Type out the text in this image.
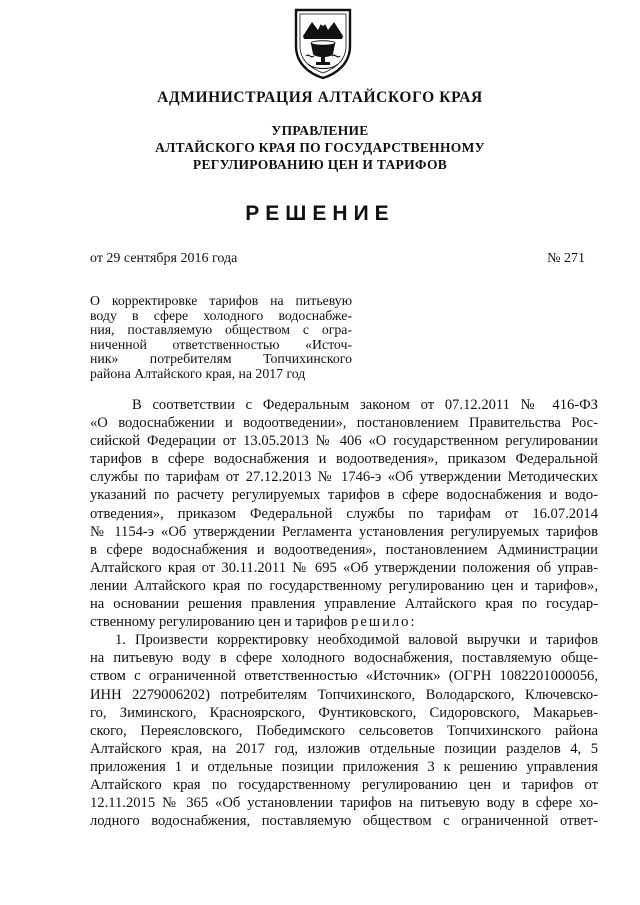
АДМИНИСТРАЦИЯ АЛТАЙСКОГО КРАЯ
УПРАВЛЕНИЕ
АЛТАЙСКОГО КРАЯ ПО ГОСУДАРСТВЕННОМУ
РЕГУЛИРОВАНИЮ ЦЕН И ТАРИФОВ
РЕШЕНИЕ
от 29 сентября 2016 года	№ 271
О корректировке тарифов на питьевую
воду в сфере холодного водоснабже-
ния, поставляемую обществом с огра-
ниченной ответственностью «Источ-
ник» потребителям Топчихинского
района Алтайского края, на 2017 год
В соответствии с Федеральным законом от 07.12.2011 № 416-ФЗ
«О водоснабжении и водоотведении», постановлением Правительства Рос-
сийской Федерации от 13.05.2013 № 406 «О государственном регулировании
тарифов в сфере водоснабжения и водоотведения», приказом Федеральной
службы по тарифам от 27.12.2013 № 1746-э «Об утверждении Методических
указаний по расчету регулируемых тарифов в сфере водоснабжения и водо-
отведения», приказом Федеральной службы по тарифам от 16.07.2014
№ 1154-э «Об утверждении Регламента установления регулируемых тарифов
в сфере водоснабжения и водоотведения», постановлением Администрации
Алтайского края от 30.11.2011 № 695 «Об утверждении положения об управ-
лении Алтайского края по государственному регулированию цен и тарифов»,
на основании решения правления управление Алтайского края по государ-
ственному регулированию цен и тарифов решило:
1. Произвести корректировку необходимой валовой выручки и тарифов
на питьевую воду в сфере холодного водоснабжения, поставляемую обще-
ством с ограниченной ответственностью «Источник» (ОГРН 1082201000056,
ИНН 2279006202) потребителям Топчихинского, Володарского, Ключевско-
го, Зиминского, Красноярского, Фунтиковского, Сидоровского, Макарьев-
ского, Переясловского, Победимского сельсоветов Топчихинского района
Алтайского края, на 2017 год, изложив отдельные позиции разделов 4, 5
приложения 1 и отдельные позиции приложения 3 к решению управления
Алтайского края по государственному регулированию цен и тарифов от
12.11.2015 № 365 «Об установлении тарифов на питьевую воду в сфере хо-
лодного водоснабжения, поставляемую обществом с ограниченной ответ-
